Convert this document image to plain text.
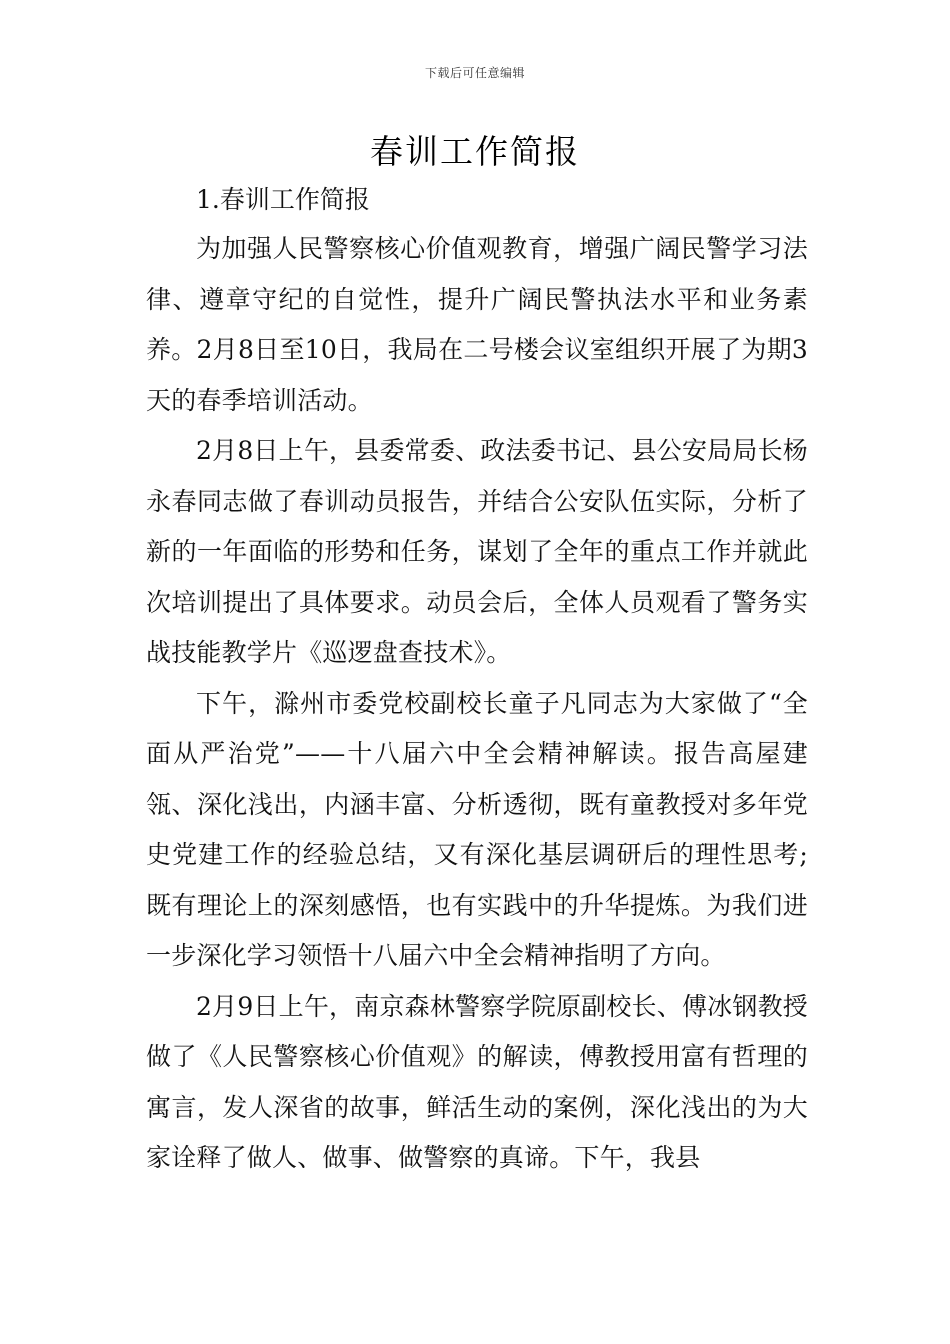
下载后可任意编辑
春训工作简报

1.春训工作简报

为加强人民警察核心价值观教育，增强广阔民警学习法律、遵章守纪的自觉性，提升广阔民警执法水平和业务素养。2月8日至10日，我局在二号楼会议室组织开展了为期3天的春季培训活动。

2月8日上午，县委常委、政法委书记、县公安局局长杨永春同志做了春训动员报告，并结合公安队伍实际，分析了新的一年面临的形势和任务，谋划了全年的重点工作并就此次培训提出了具体要求。动员会后，全体人员观看了警务实战技能教学片《巡逻盘查技术》。

下午，滁州市委党校副校长童子凡同志为大家做了“全面从严治党”——十八届六中全会精神解读。报告高屋建瓴、深化浅出，内涵丰富、分析透彻，既有童教授对多年党史党建工作的经验总结，又有深化基层调研后的理性思考;既有理论上的深刻感悟，也有实践中的升华提炼。为我们进一步深化学习领悟十八届六中全会精神指明了方向。

2月9日上午，南京森林警察学院原副校长、傅冰钢教授做了《人民警察核心价值观》的解读，傅教授用富有哲理的寓言，发人深省的故事，鲜活生动的案例，深化浅出的为大家诠释了做人、做事、做警察的真谛。下午，我县
